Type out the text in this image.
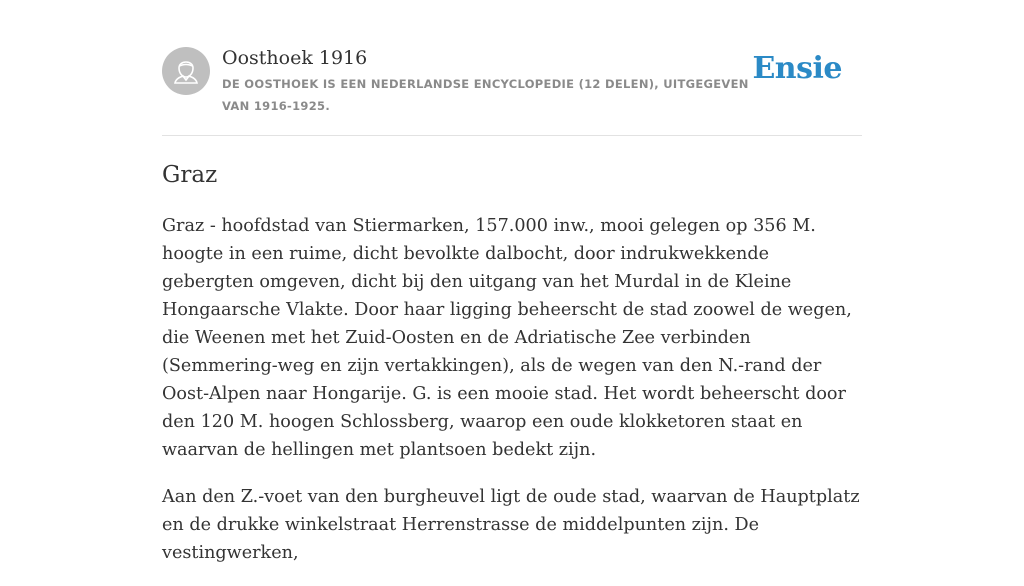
Oosthoek 1916
DE OOSTHOEK IS EEN NEDERLANDSE ENCYCLOPEDIE (12 DELEN), UITGEGEVEN VAN 1916-1925.
Ensie
Graz

Graz - hoofdstad van Stiermarken, 157.000 inw., mooi gelegen op 356 M. hoogte in een ruime, dicht bevolkte dalbocht, door indrukwekkende gebergten omgeven, dicht bij den uitgang van het Murdal in de Kleine Hongaarsche Vlakte. Door haar ligging beheerscht de stad zoowel de wegen, die Weenen met het Zuid-Oosten en de Adriatische Zee verbinden (Semmering-weg en zijn vertakkingen), als de wegen van den N.-rand der Oost-Alpen naar Hongarije. G. is een mooie stad. Het wordt beheerscht door den 120 M. hoogen Schlossberg, waarop een oude klokketoren staat en waarvan de hellingen met plantsoen bedekt zijn.

Aan den Z.-voet van den burgheuvel ligt de oude stad, waarvan de Hauptplatz en de drukke winkelstraat Herrenstrasse de middelpunten zijn. De vestingwerken,
